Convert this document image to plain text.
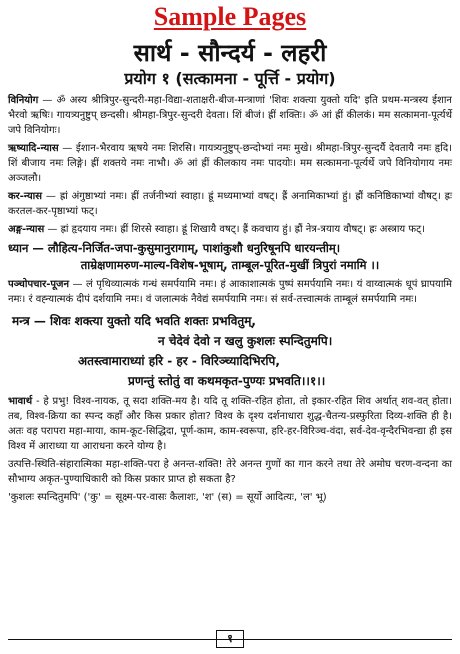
Sample Pages
सार्थ - सौन्दर्य - लहरी
प्रयोग १ (सत्कामना - पूर्त्ति - प्रयोग)
विनियोग — ॐ अस्य श्रीत्रिपुर-सुन्दरी-महा-विद्या-शताक्षरी-बीज-मन्त्राणां 'शिवः शक्त्या युक्तो यदि' इति प्रथम-मन्त्रस्य ईशान भैरवो ऋषिः। गायत्र्यनुष्टुप् छन्दसी। श्रीमहा-त्रिपुर-सुन्दरी देवता। शिं बीजं। ह्रीं शक्तिः। ॐ आं ह्रीं कीलकं। मम सत्कामना-पूर्त्यर्थे जपे विनियोगः।
ऋष्यादि-न्यास — ईशान-भैरवाय ऋषये नमः शिरसि। गायत्र्यनुष्टुप्-छन्दोभ्यां नमः मुखे। श्रीमहा-त्रिपुर-सुन्दर्यै देवतायै नमः हृदि। शिं बीजाय नमः लिङ्गे। ह्रीं शक्तये नमः नाभौ। ॐ आं ह्रीं कीलकाय नमः पादयोः। मम सत्कामना-पूर्त्यर्थे जपे विनियोगाय नमः अञ्जलौ।
कर-न्यास — ह्रां अंगुष्ठाभ्यां नमः। ह्रीं तर्जनीभ्यां स्वाहा। ह्रूं मध्यमाभ्यां वषट्। ह्रैं अनामिकाभ्यां हुं। ह्रौं कनिष्ठिकाभ्यां वौषट्। ह्रः करतल-कर-पृष्ठाभ्यां फट्।
अङ्ग-न्यास — ह्रां हृदयाय नमः। ह्रीं शिरसे स्वाहा। ह्रूं शिखायै वषट्। ह्रैं कवचाय हुं। ह्रौं नेत्र-त्रयाय वौषट्। ह्रः अस्त्राय फट्।
ध्यान — लौहित्य-निर्जित-जपा-कुसुमानुरागाम्, पाशांकुशौ धनुरिषूनपि धारयन्तीम्।
ताम्रेक्षणामरुण-माल्य-विशेष-भूषाम्, ताम्बूल-पूरित-मुखीं त्रिपुरां नमामि ।।
पञ्चोपचार-पूजन — लं पृथिव्यात्मकं गन्धं समर्पयामि नमः। हं आकाशात्मकं पुष्पं समर्पयामि नमः। यं वाय्वात्मकं धूपं घ्रापयामि नमः। रं वह्न्यात्मकं दीपं दर्शयामि नमः। वं जलात्मकं नैवेद्यं समर्पयामि नमः। सं सर्व-तत्त्वात्मकं ताम्बूलं समर्पयामि नमः।
मन्त्र — शिवः शक्त्या युक्तो यदि भवति शक्तः प्रभवितुम्,
न चेदेवं देवो न खलु कुशलः स्पन्दितुमपि।
अतस्त्वामाराध्यां हरि - हर - विरिञ्च्यादिभिरपि,
प्रणन्तुं स्तोतुं वा कथमकृत-पुण्यः प्रभवति।।१।।
भावार्थ - हे प्रभु! विश्व-नायक, तू सदा शक्ति-मय है। यदि तू शक्ति-रहित होता, तो इकार-रहित शिव अर्थात् शव-वत् होता। तब, विश्व-क्रिया का स्पन्द कहाँ और किस प्रकार होता? विश्व के दृश्य दर्शनाधारा शुद्ध-चैतन्य-प्रस्फुरिता दिव्य-शक्ति ही है। अतः वह परापरा महा-माया, काम-कूट-सिद्धिदा, पूर्ण-काम, काम-स्वरूपा, हरि-हर-विरिञ्च-वंदा, सर्व-देव-वृन्दैरभिवन्द्या ही इस विश्व में आराध्या या आराधना करने योग्य है।
उत्पत्ति-स्थिति-संहारात्मिका महा-शक्ति-परा हे अनन्त-शक्ति! तेरे अनन्त गुणों का गान करने तथा तेरे अमोघ चरण-वन्दना का सौभाग्य अकृत-पुण्याधिकारी को किस प्रकार प्राप्त हो सकता है?
'कुशलः स्पन्दितुमपि' ('कु' = सूक्ष्म-पर-वासः कैलाशः, 'श' (स) = सूर्यो आदित्यः, 'ल' भू)
१
